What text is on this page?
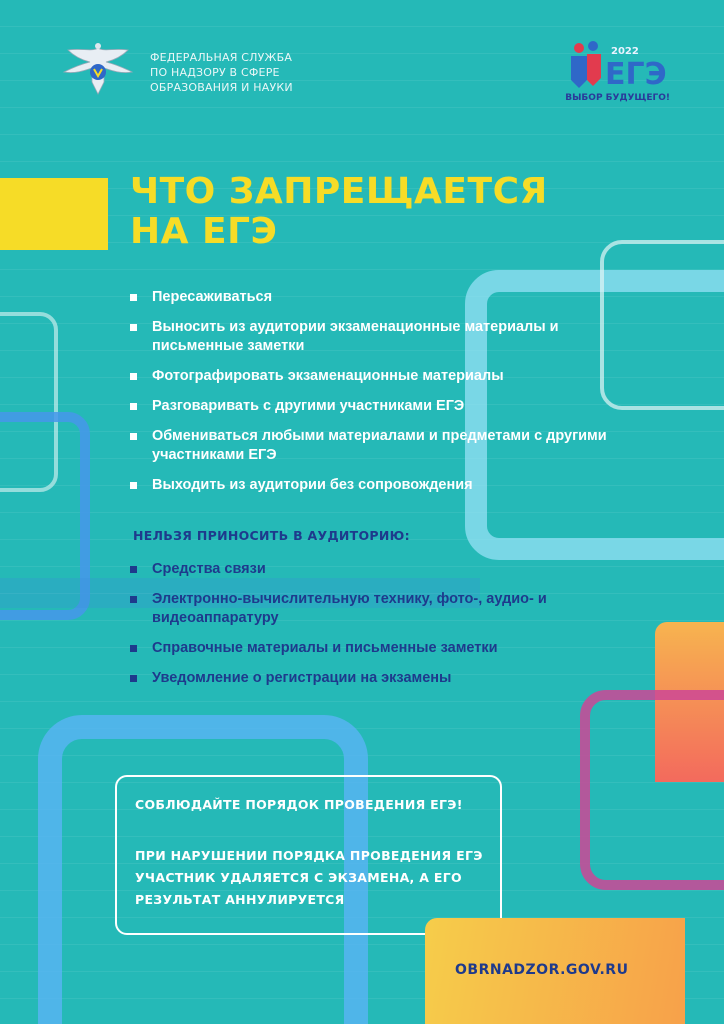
ФЕДЕРАЛЬНАЯ СЛУЖБА
ПО НАДЗОРУ В СФЕРЕ
ОБРАЗОВАНИЯ И НАУКИ
2022
ЕГЭ
ВЫБОР БУДУЩЕГО!
ЧТО ЗАПРЕЩАЕТСЯ
НА ЕГЭ
Пересаживаться
Выносить из аудитории экзаменационные материалы и письменные заметки
Фотографировать экзаменационные материалы
Разговаривать с другими участниками ЕГЭ
Обмениваться любыми материалами и предметами с другими участниками ЕГЭ
Выходить из аудитории без сопровождения
НЕЛЬЗЯ ПРИНОСИТЬ В АУДИТОРИЮ:
Средства связи
Электронно-вычислительную технику, фото-, аудио- и видеоаппаратуру
Справочные материалы и письменные заметки
Уведомление о регистрации на экзамены

СОБЛЮДАЙТЕ ПОРЯДОК ПРОВЕДЕНИЯ ЕГЭ!

ПРИ НАРУШЕНИИ ПОРЯДКА ПРОВЕДЕНИЯ ЕГЭ УЧАСТНИК УДАЛЯЕТСЯ С ЭКЗАМЕНА, А ЕГО РЕЗУЛЬТАТ АННУЛИРУЕТСЯ

OBRNADZOR.GOV.RU
